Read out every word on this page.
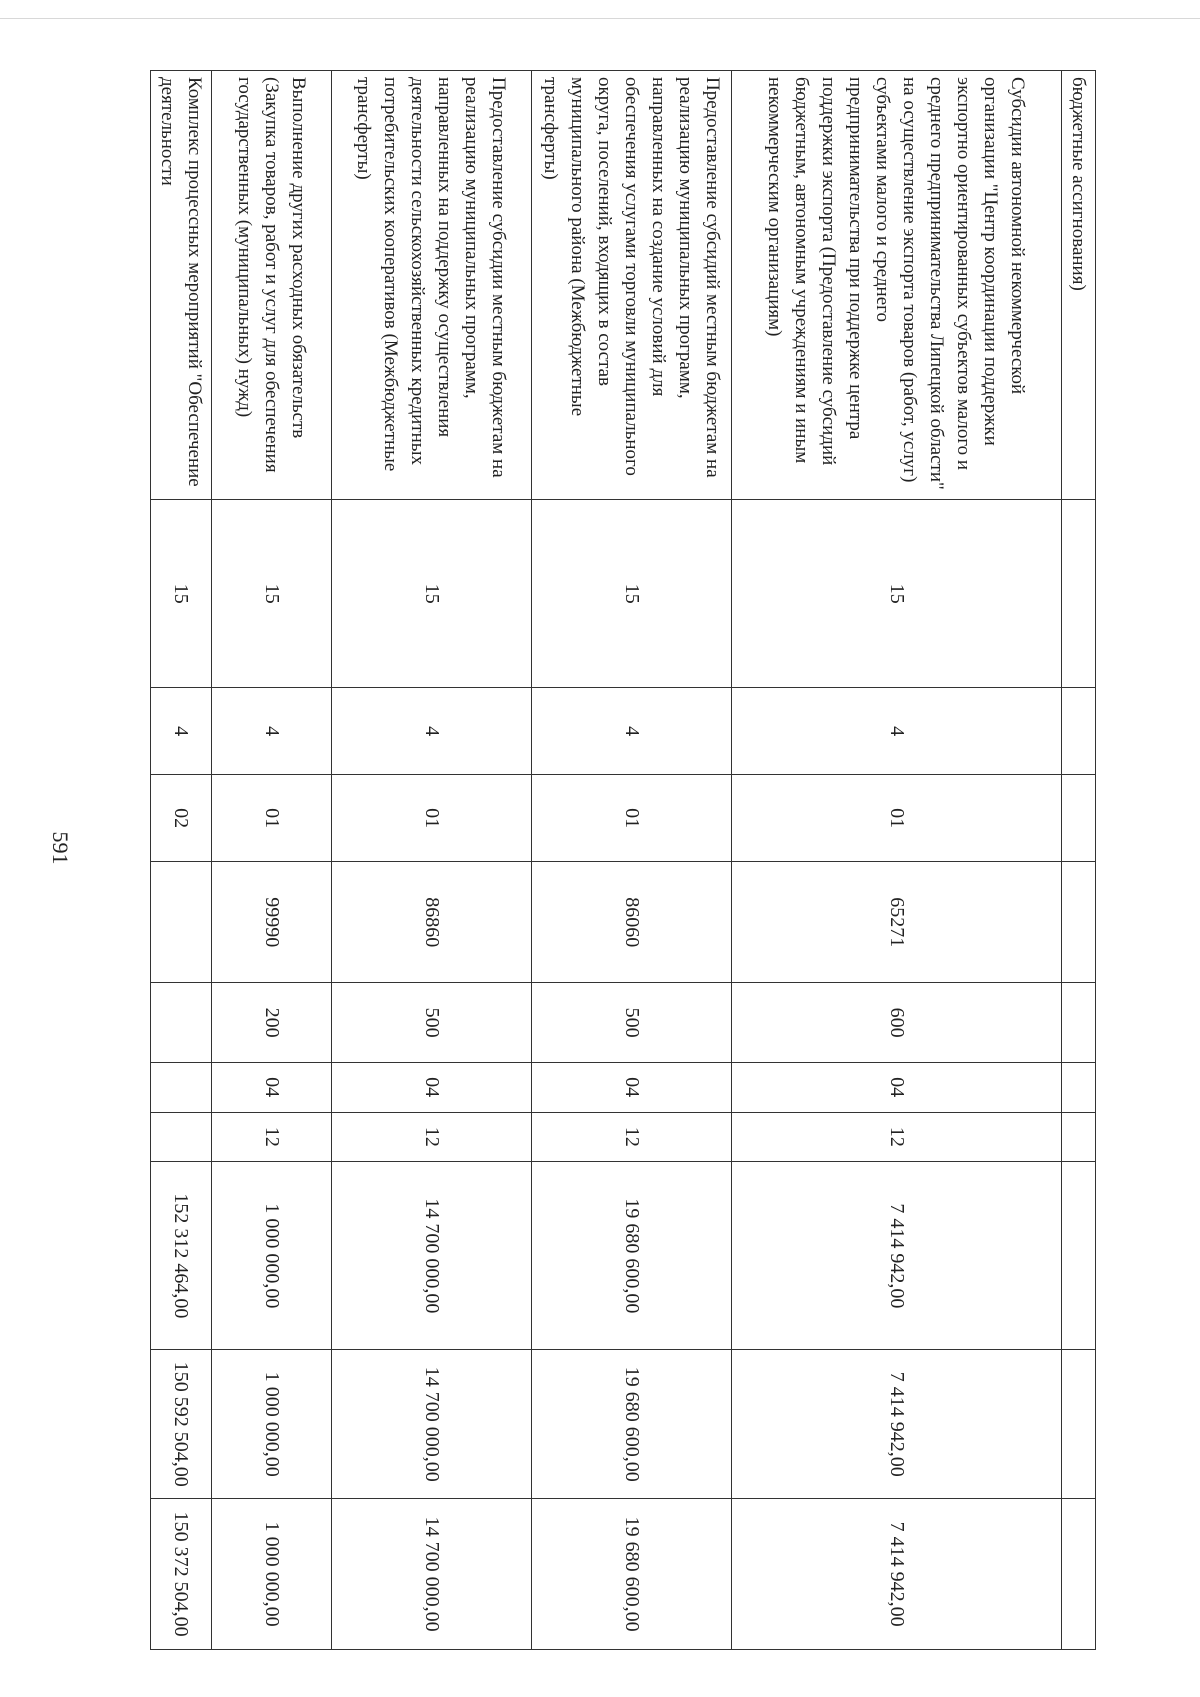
591
бюджетные ассигнования)										
Субсидии автономной некоммерческой организации "Центр координации поддержки экспортно ориентированных субъектов малого и среднего предпринимательства Липецкой области" на осуществление экспорта товаров (работ, услуг) субъектами малого и среднего предпринимательства при поддержке центра поддержки экспорта (Предоставление субсидий бюджетным, автономным учреждениям и иным некоммерческим организациям)	15	4	01	65271	600	04	12	7 414 942,00	7 414 942,00	7 414 942,00
Предоставление субсидий местным бюджетам на реализацию муниципальных программ, направленных на создание условий для обеспечения услугами торговли муниципального округа, поселений, входящих в состав муниципального района (Межбюджетные трансферты)	15	4	01	86060	500	04	12	19 680 600,00	19 680 600,00	19 680 600,00
Предоставление субсидии местным бюджетам на реализацию муниципальных программ, направленных на поддержку осуществления деятельности сельскохозяйственных кредитных потребительских кооперативов (Межбюджетные трансферты)	15	4	01	86860	500	04	12	14 700 000,00	14 700 000,00	14 700 000,00
Выполнение других расходных обязательств (Закупка товаров, работ и услуг для обеспечения государственных (муниципальных) нужд)	15	4	01	99990	200	04	12	1 000 000,00	1 000 000,00	1 000 000,00
Комплекс процессных мероприятий "Обеспечение деятельности	15	4	02					152 312 464,00	150 592 504,00	150 372 504,00
